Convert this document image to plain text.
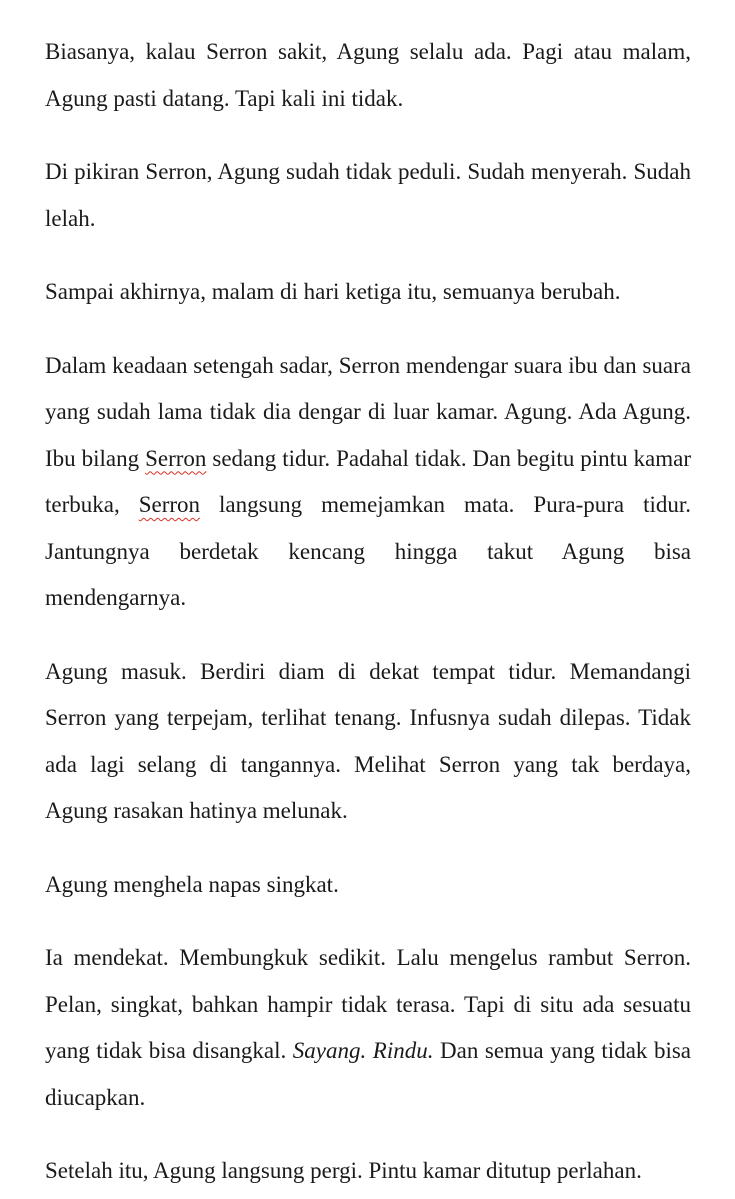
Biasanya, kalau Serron sakit, Agung selalu ada. Pagi atau malam, Agung pasti datang. Tapi kali ini tidak.

Di pikiran Serron, Agung sudah tidak peduli. Sudah menyerah. Sudah lelah.

Sampai akhirnya, malam di hari ketiga itu, semuanya berubah.

Dalam keadaan setengah sadar, Serron mendengar suara ibu dan suara yang sudah lama tidak dia dengar di luar kamar. Agung. Ada Agung. Ibu bilang Serron sedang tidur. Padahal tidak. Dan begitu pintu kamar terbuka, Serron langsung memejamkan mata. Pura-pura tidur. Jantungnya berdetak kencang hingga takut Agung bisa mendengarnya.

Agung masuk. Berdiri diam di dekat tempat tidur. Memandangi Serron yang terpejam, terlihat tenang. Infusnya sudah dilepas. Tidak ada lagi selang di tangannya. Melihat Serron yang tak berdaya, Agung rasakan hatinya melunak.

Agung menghela napas singkat.

Ia mendekat. Membungkuk sedikit. Lalu mengelus rambut Serron. Pelan, singkat, bahkan hampir tidak terasa. Tapi di situ ada sesuatu yang tidak bisa disangkal. Sayang. Rindu. Dan semua yang tidak bisa diucapkan.

Setelah itu, Agung langsung pergi. Pintu kamar ditutup perlahan.
